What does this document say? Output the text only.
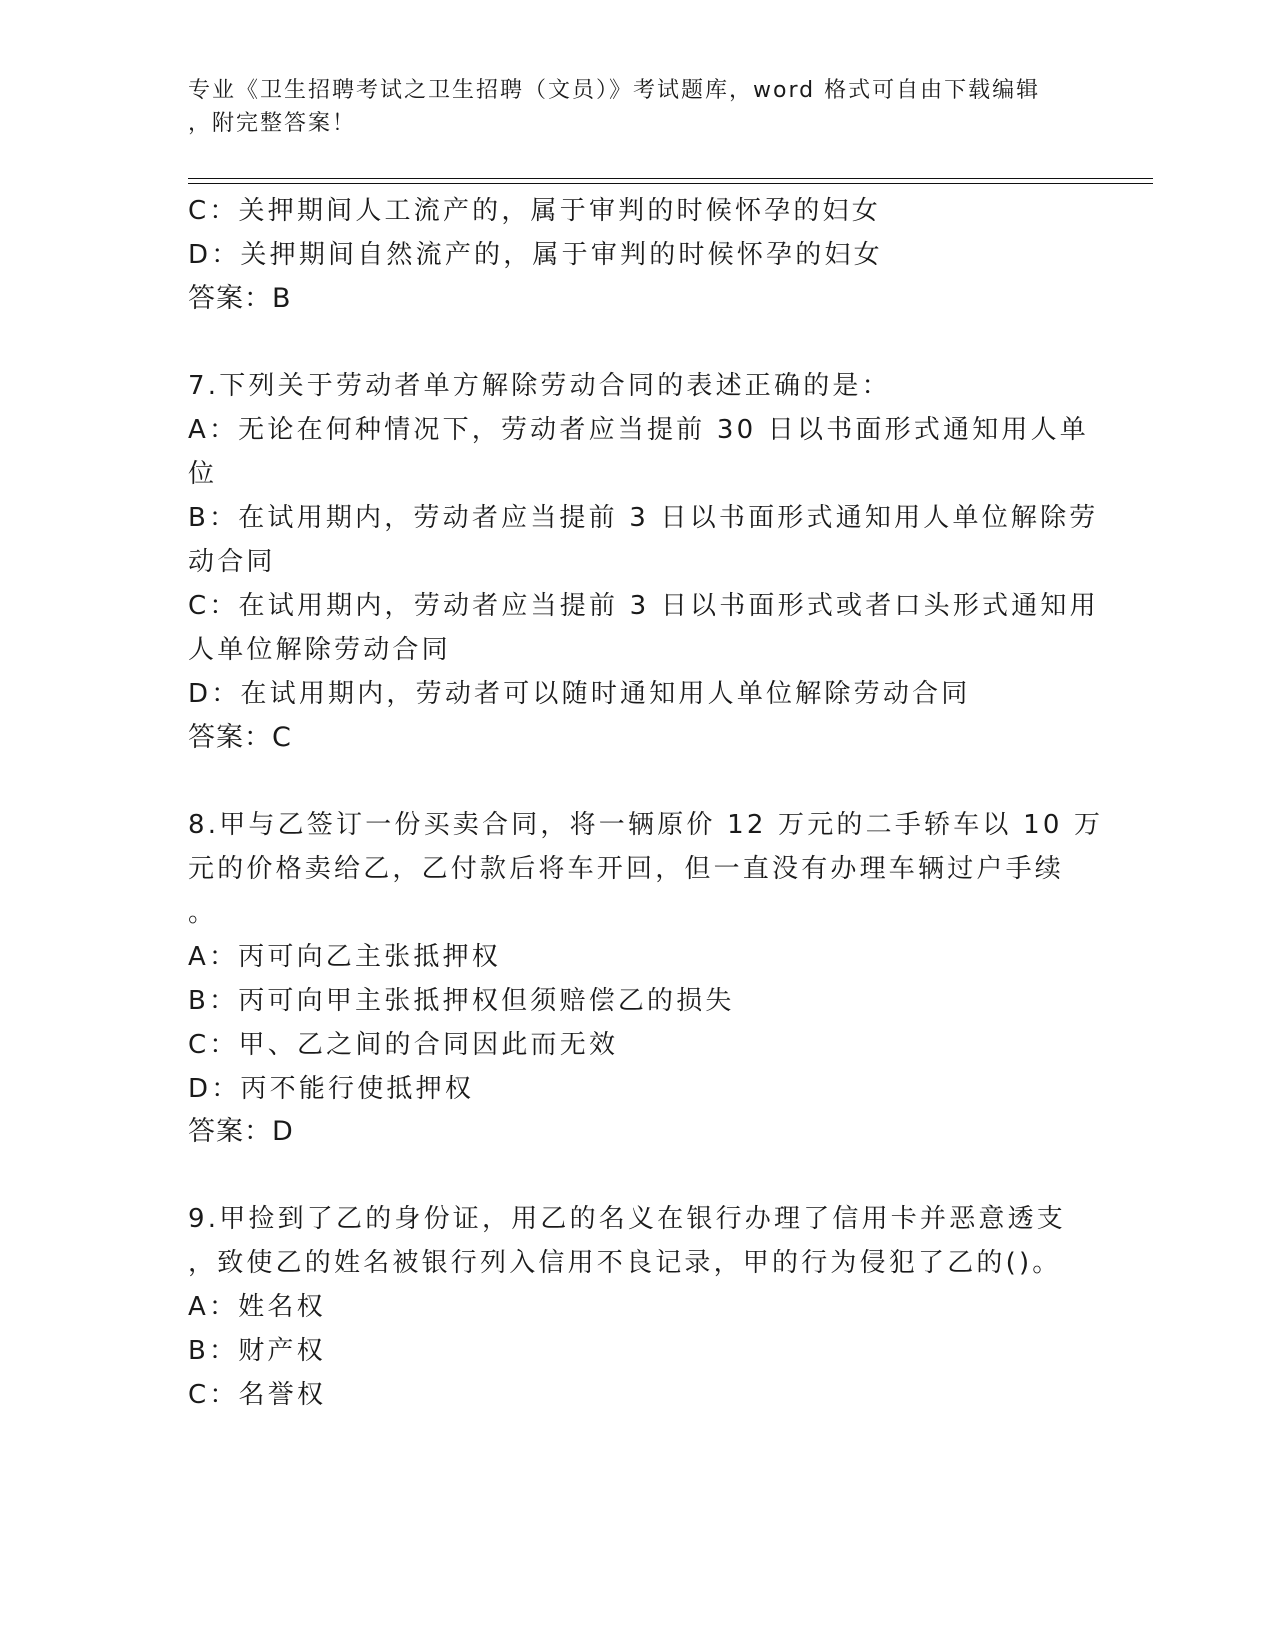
专业《卫生招聘考试之卫生招聘（文员）》考试题库，word 格式可自由下载编辑
，附完整答案！
C：关押期间人工流产的，属于审判的时候怀孕的妇女
D：关押期间自然流产的，属于审判的时候怀孕的妇女
答案：B
7.下列关于劳动者单方解除劳动合同的表述正确的是：
A：无论在何种情况下，劳动者应当提前 30 日以书面形式通知用人单
位
B：在试用期内，劳动者应当提前 3 日以书面形式通知用人单位解除劳
动合同
C：在试用期内，劳动者应当提前 3 日以书面形式或者口头形式通知用
人单位解除劳动合同
D：在试用期内，劳动者可以随时通知用人单位解除劳动合同
答案：C
8.甲与乙签订一份买卖合同，将一辆原价 12 万元的二手轿车以 10 万
元的价格卖给乙，乙付款后将车开回，但一直没有办理车辆过户手续
。
A：丙可向乙主张抵押权
B：丙可向甲主张抵押权但须赔偿乙的损失
C：甲、乙之间的合同因此而无效
D：丙不能行使抵押权
答案：D
9.甲捡到了乙的身份证，用乙的名义在银行办理了信用卡并恶意透支
，致使乙的姓名被银行列入信用不良记录，甲的行为侵犯了乙的()。
A：姓名权
B：财产权
C：名誉权
